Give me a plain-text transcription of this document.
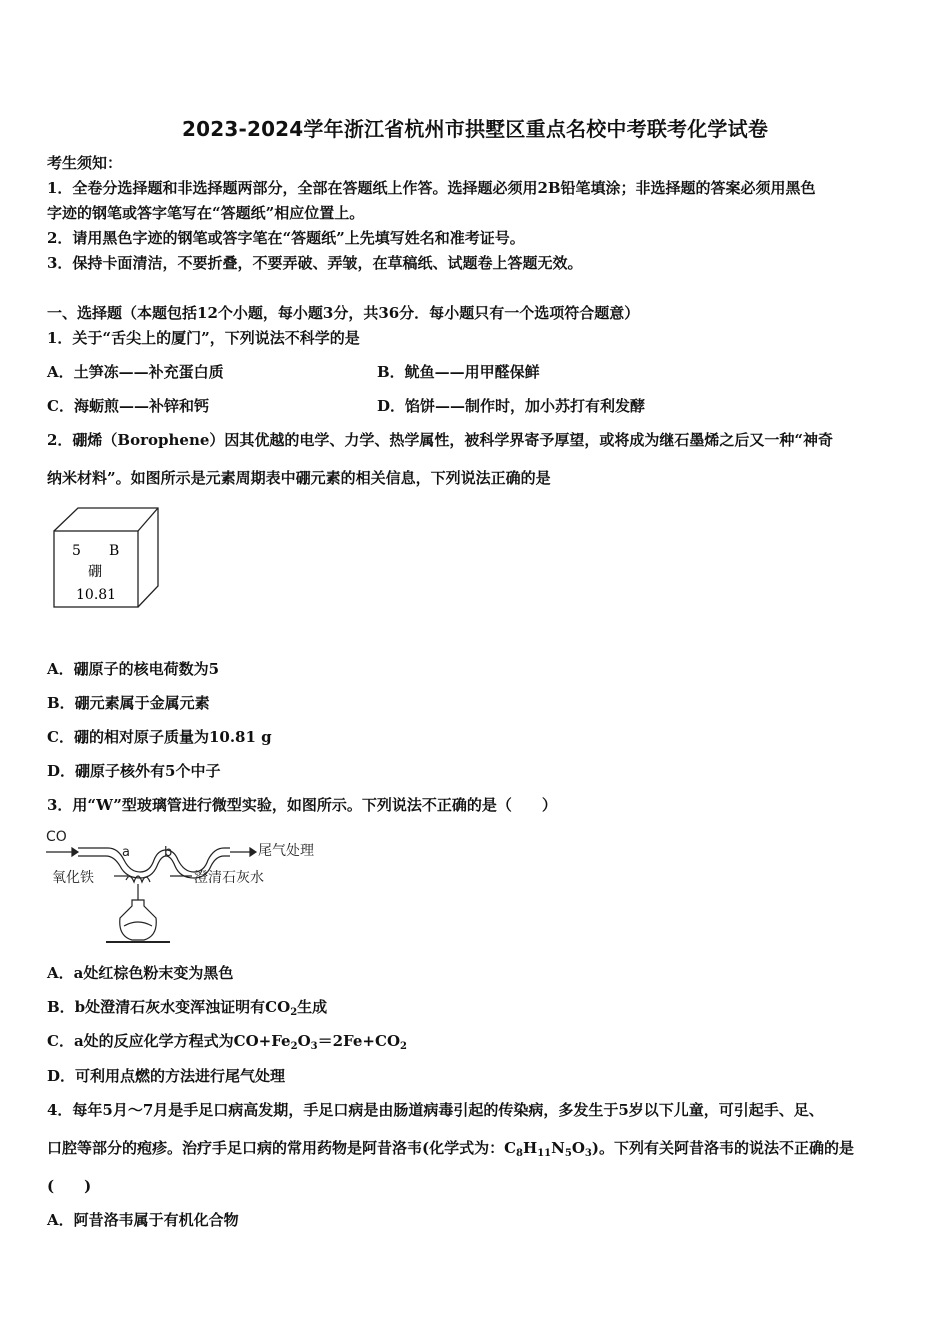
2023-2024学年浙江省杭州市拱墅区重点名校中考联考化学试卷
考生须知：
1．全卷分选择题和非选择题两部分，全部在答题纸上作答。选择题必须用2B铅笔填涂；非选择题的答案必须用黑色
字迹的钢笔或答字笔写在“答题纸”相应位置上。
2．请用黑色字迹的钢笔或答字笔在“答题纸”上先填写姓名和准考证号。
3．保持卡面清洁，不要折叠，不要弄破、弄皱，在草稿纸、试题卷上答题无效。
一、选择题（本题包括12个小题，每小题3分，共36分．每小题只有一个选项符合题意）
1．关于“舌尖上的厦门”，下列说法不科学的是
A．土笋冻——补充蛋白质	B．鱿鱼——用甲醛保鲜
C．海蛎煎——补锌和钙	D．馅饼——制作时，加小苏打有利发酵
2．硼烯（Borophene）因其优越的电学、力学、热学属性，被科学界寄予厚望，或将成为继石墨烯之后又一种“神奇
纳米材料”。如图所示是元素周期表中硼元素的相关信息，下列说法正确的是
5 B
硼
10.81
A．硼原子的核电荷数为5
B．硼元素属于金属元素
C．硼的相对原子质量为10.81 g
D．硼原子核外有5个中子
3．用“W”型玻璃管进行微型实验，如图所示。下列说法不正确的是（　　）
CO
a	b	尾气处理
氧化铁	澄清石灰水
A．a处红棕色粉末变为黑色
B．b处澄清石灰水变浑浊证明有$CO_2$生成
C．a处的反应化学方程式为$CO+Fe_2O_3=2Fe+CO_2$
D．可利用点燃的方法进行尾气处理
4．每年5月～7月是手足口病高发期，手足口病是由肠道病毒引起的传染病，多发生于5岁以下儿童，可引起手、足、
口腔等部分的疱疹。治疗手足口病的常用药物是阿昔洛韦(化学式为：$C_8H_{11}N_5O_3$)。下列有关阿昔洛韦的说法不正确的是
(　　)
A．阿昔洛韦属于有机化合物
